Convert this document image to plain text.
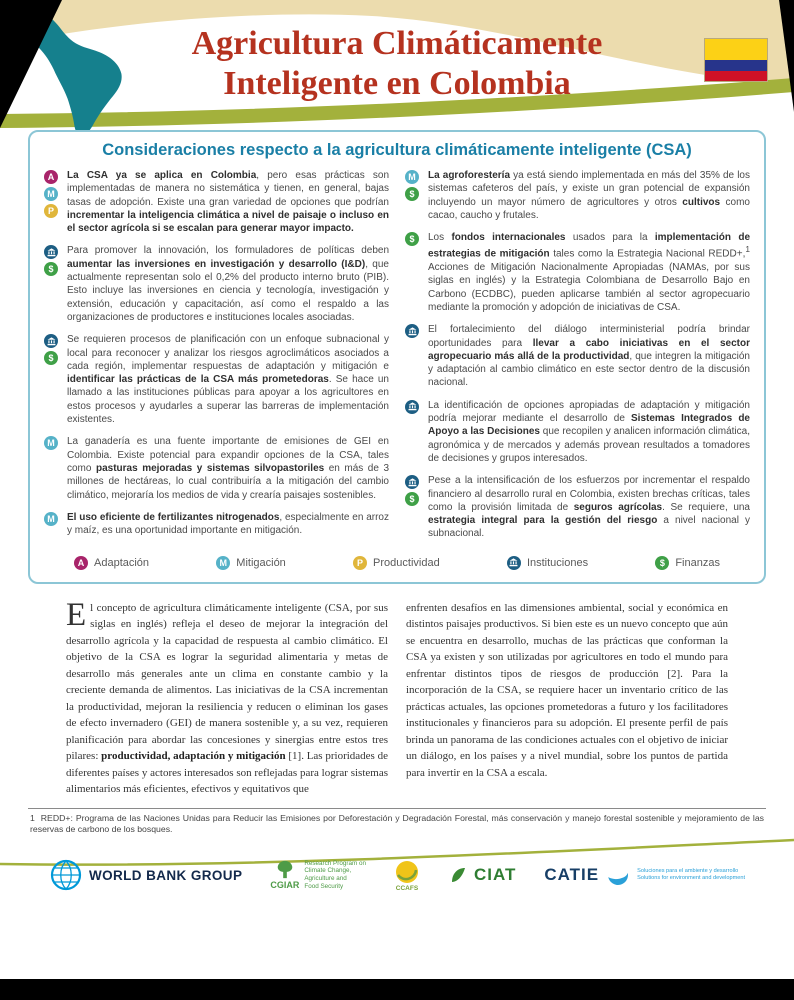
Agricultura Climáticamente
Inteligente en Colombia
Consideraciones respecto a la agricultura climáticamente inteligente (CSA)
A
M
P
La CSA ya se aplica en Colombia, pero esas prácticas son implementadas de manera no sistemática y tienen, en general, bajas tasas de adopción. Existe una gran variedad de opciones que podrían incrementar la inteligencia climática a nivel de paisaje o incluso en el sector agrícola si se escalan para generar mayor impacto.
$
Para promover la innovación, los formuladores de políticas deben aumentar las inversiones en investigación y desarrollo (I&D), que actualmente representan solo el 0,2% del producto interno bruto (PIB). Esto incluye las inversiones en ciencia y tecnología, investigación y extensión, educación y capacitación, así como el respaldo a las organizaciones de productores e instituciones locales asociadas.
$
Se requieren procesos de planificación con un enfoque subnacional y local para reconocer y analizar los riesgos agroclimáticos asociados a cada región, implementar respuestas de adaptación y mitigación e identificar las prácticas de la CSA más prometedoras. Se hace un llamado a las instituciones públicas para apoyar a los agricultores en estos procesos y ayudarles a superar las barreras de implementación existentes.
M	La ganadería es una fuente importante de emisiones de GEI en Colombia. Existe potencial para expandir opciones de la CSA, tales como pasturas mejoradas y sistemas silvopastoriles en más de 3 millones de hectáreas, lo cual contribuiría a la mitigación del cambio climático, mejoraría los medios de vida y crearía paisajes sostenibles.
M	El uso eficiente de fertilizantes nitrogenados, especialmente en arroz y maíz, es una oportunidad importante en mitigación.
M
$
La agroforestería ya está siendo implementada en más del 35% de los sistemas cafeteros del país, y existe un gran potencial de expansión incluyendo un mayor número de agricultores y otros cultivos como cacao, caucho y frutales.
$	Los fondos internacionales usados para la implementación de estrategias de mitigación tales como la Estrategia Nacional REDD+,$^1$ Acciones de Mitigación Nacionalmente Apropiadas (NAMAs, por sus siglas en inglés) y la Estrategia Colombiana de Desarrollo Bajo en Carbono (ECDBC), pueden aplicarse también al sector agropecuario mediante la promoción y adopción de iniciativas de CSA.
El fortalecimiento del diálogo interministerial podría brindar oportunidades para llevar a cabo iniciativas en el sector agropecuario más allá de la productividad, que integren la mitigación y adaptación al cambio climático en este sector dentro de la discusión nacional.
La identificación de opciones apropiadas de adaptación y mitigación podría mejorar mediante el desarrollo de Sistemas Integrados de Apoyo a las Decisiones que recopilen y analicen información climática, agronómica y de mercados y además provean resultados a tomadores de decisiones y grupos interesados.
$
Pese a la intensificación de los esfuerzos por incrementar el respaldo financiero al desarrollo rural en Colombia, existen brechas críticas, tales como la provisión limitada de seguros agrícolas. Se requiere, una estrategia integral para la gestión del riesgo a nivel nacional y subnacional.
A Adaptación	M Mitigación	P Productividad	Instituciones	$ Finanzas
El concepto de agricultura climáticamente inteligente (CSA, por sus siglas en inglés) refleja el deseo de mejorar la integración del desarrollo agrícola y la capacidad de respuesta al cambio climático. El objetivo de la CSA es lograr la seguridad alimentaria y metas de desarrollo más generales ante un clima en constante cambio y la creciente demanda de alimentos. Las iniciativas de la CSA incrementan la productividad, mejoran la resiliencia y reducen o eliminan los gases de efecto invernadero (GEI) de manera sostenible y, a su vez, requieren planificación para abordar las concesiones y sinergias entre estos tres pilares: productividad, adaptación y mitigación [1]. Las prioridades de diferentes países y actores interesados son reflejadas para lograr sistemas alimentarios más eficientes, efectivos y equitativos que
enfrenten desafíos en las dimensiones ambiental, social y económica en distintos paisajes productivos. Si bien este es un nuevo concepto que aún se encuentra en desarrollo, muchas de las prácticas que conforman la CSA ya existen y son utilizadas por agricultores en todo el mundo para enfrentar distintos tipos de riesgos de producción [2]. Para la incorporación de la CSA, se requiere hacer un inventario crítico de las prácticas actuales, las opciones prometedoras a futuro y los facilitadores institucionales y financieros para su adopción. El presente perfil de país brinda un panorama de las condiciones actuales con el objetivo de iniciar un diálogo, en los países y a nivel mundial, sobre los puntos de partida para invertir en la CSA a escala.
1  REDD+: Programa de las Naciones Unidas para Reducir las Emisiones por Deforestación y Degradación Forestal, más conservación y manejo forestal sostenible y mejoramiento de las reservas de carbono de los bosques.
WORLD BANK GROUP
CGIAR
Research Program on
Climate Change,
Agriculture and
Food Security	CCAFS
CIAT CATIE	Soluciones para el ambiente y desarrollo
Solutions for environment and development
